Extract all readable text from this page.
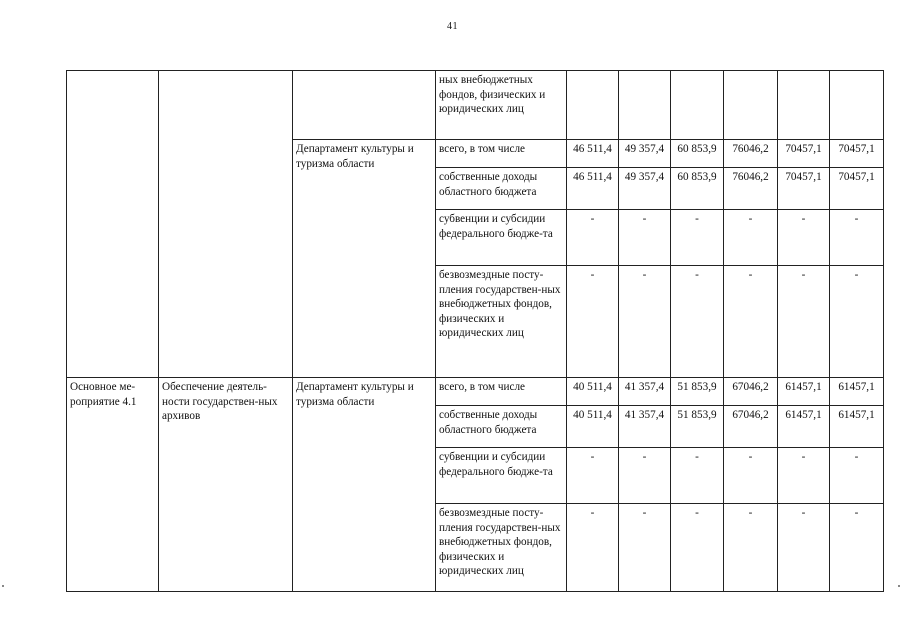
41
			ных внебюджетных фондов, физических и юридических лиц						
		Департамент культуры и туризма области	всего, в том числе	46 511,4	49 357,4	60 853,9	76046,2	70457,1	70457,1
			собственные доходы областного бюджета	46 511,4	49 357,4	60 853,9	76046,2	70457,1	70457,1
			субвенции и субсидии федерального бюдже-та	-	-	-	-	-	-
			безвозмездные посту-пления государствен-ных внебюджетных фондов, физических и юридических лиц	-	-	-	-	-	-
Основное ме-роприятие 4.1	Обеспечение деятель-ности государствен-ных архивов	Департамент культуры и туризма области	всего, в том числе	40 511,4	41 357,4	51 853,9	67046,2	61457,1	61457,1
			собственные доходы областного бюджета	40 511,4	41 357,4	51 853,9	67046,2	61457,1	61457,1
			субвенции и субсидии федерального бюдже-та	-	-	-	-	-	-
			безвозмездные посту-пления государствен-ных внебюджетных фондов, физических и юридических лиц	-	-	-	-	-	-
